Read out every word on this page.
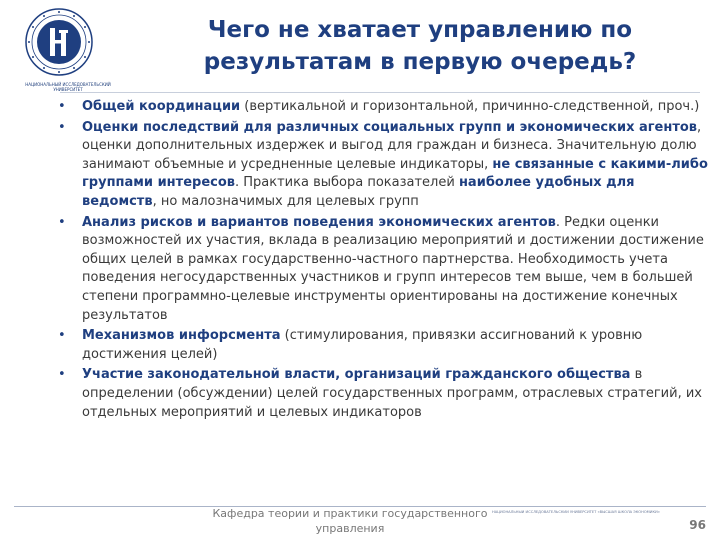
НАЦИОНАЛЬНЫЙ ИССЛЕДОВАТЕЛЬСКИЙ УНИВЕРСИТЕТ
Чего не хватает управлению по
результатам в первую очередь?
• Общей координации (вертикальной и горизонтальной, причинно-следственной, проч.)
• Оценки последствий для различных социальных групп и экономических агентов, оценки дополнительных издержек и выгод для граждан и бизнеса. Значительную долю занимают объемные и усредненные целевые индикаторы, не связанные с какими-либо группами интересов. Практика выбора показателей наиболее удобных для ведомств, но малозначимых для целевых групп
• Анализ рисков и вариантов поведения экономических агентов. Редки оценки возможностей их участия, вклада в реализацию мероприятий и достижении достижение общих целей в рамках государственно-частного партнерства. Необходимость учета поведения негосударственных участников и групп интересов тем выше, чем в большей степени программно-целевые инструменты ориентированы на достижение конечных результатов
• Механизмов инфорсмента (стимулирования, привязки ассигнований к уровню достижения целей)
• Участие законодательной власти, организаций гражданского общества в определении (обсуждении) целей государственных программ, отраслевых стратегий, их отдельных мероприятий и целевых индикаторов
Кафедра теории и практики государственного управления
НАЦИОНАЛЬНЫЙ ИССЛЕДОВАТЕЛЬСКИЙ УНИВЕРСИТЕТ «ВЫСШАЯ ШКОЛА ЭКОНОМИКИ»
96
